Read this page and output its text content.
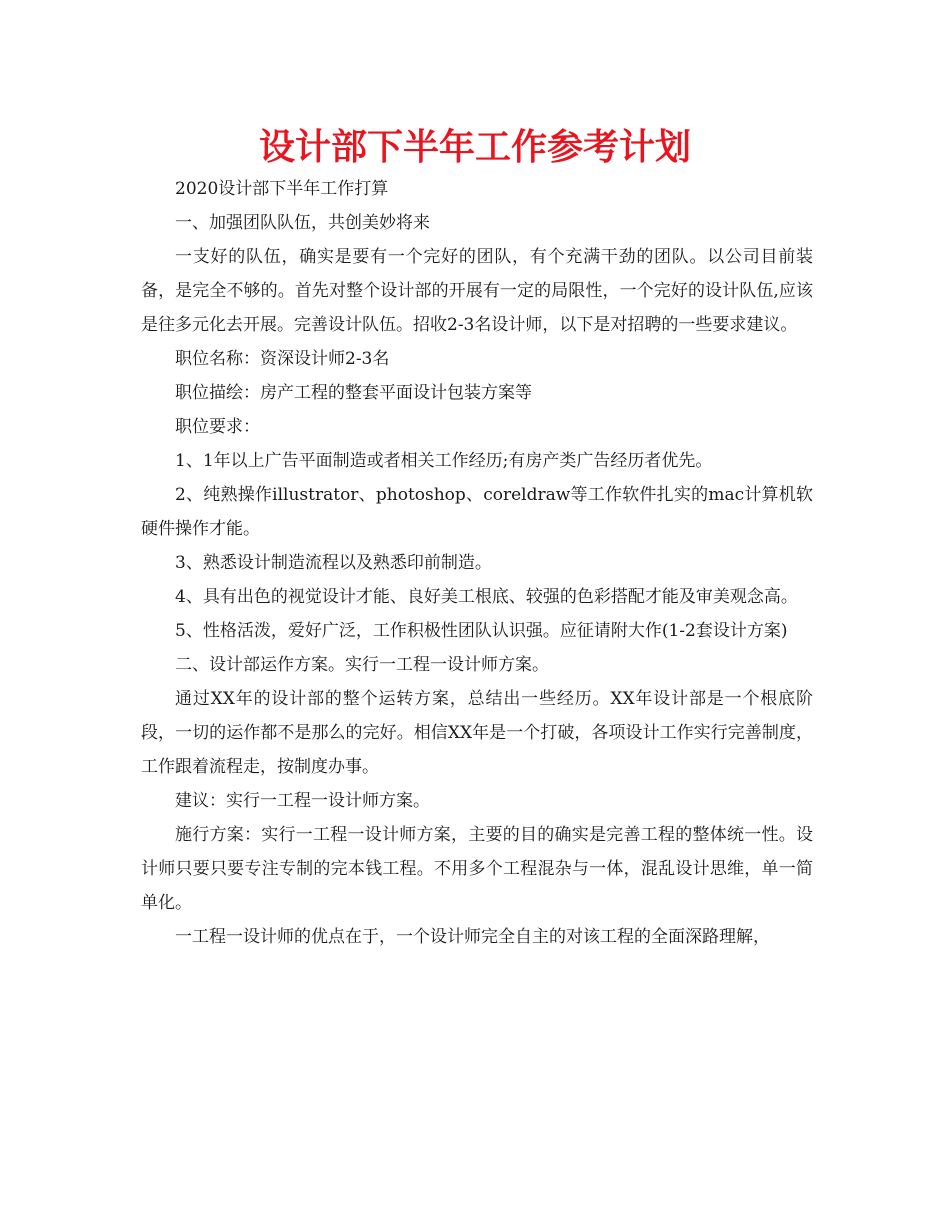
设计部下半年工作参考计划

2020设计部下半年工作打算

一、加强团队队伍，共创美妙将来

一支好的队伍，确实是要有一个完好的团队，有个充满干劲的团队。以公司目前装备，是完全不够的。首先对整个设计部的开展有一定的局限性，一个完好的设计队伍,应该是往多元化去开展。完善设计队伍。招收2-3名设计师，以下是对招聘的一些要求建议。

职位名称：资深设计师2-3名

职位描绘：房产工程的整套平面设计包装方案等

职位要求：

1、1年以上广告平面制造或者相关工作经历;有房产类广告经历者优先。

2、纯熟操作illustrator、photoshop、coreldraw等工作软件扎实的mac计算机软硬件操作才能。

3、熟悉设计制造流程以及熟悉印前制造。

4、具有出色的视觉设计才能、良好美工根底、较强的色彩搭配才能及审美观念高。

5、性格活泼，爱好广泛，工作积极性团队认识强。应征请附大作(1-2套设计方案)

二、设计部运作方案。实行一工程一设计师方案。

通过XX年的设计部的整个运转方案，总结出一些经历。XX年设计部是一个根底阶段，一切的运作都不是那么的完好。相信XX年是一个打破，各项设计工作实行完善制度，工作跟着流程走，按制度办事。

建议：实行一工程一设计师方案。

施行方案：实行一工程一设计师方案，主要的目的确实是完善工程的整体统一性。设计师只要只要专注专制的完本钱工程。不用多个工程混杂与一体，混乱设计思维，单一简单化。

一工程一设计师的优点在于，一个设计师完全自主的对该工程的全面深路理解，
